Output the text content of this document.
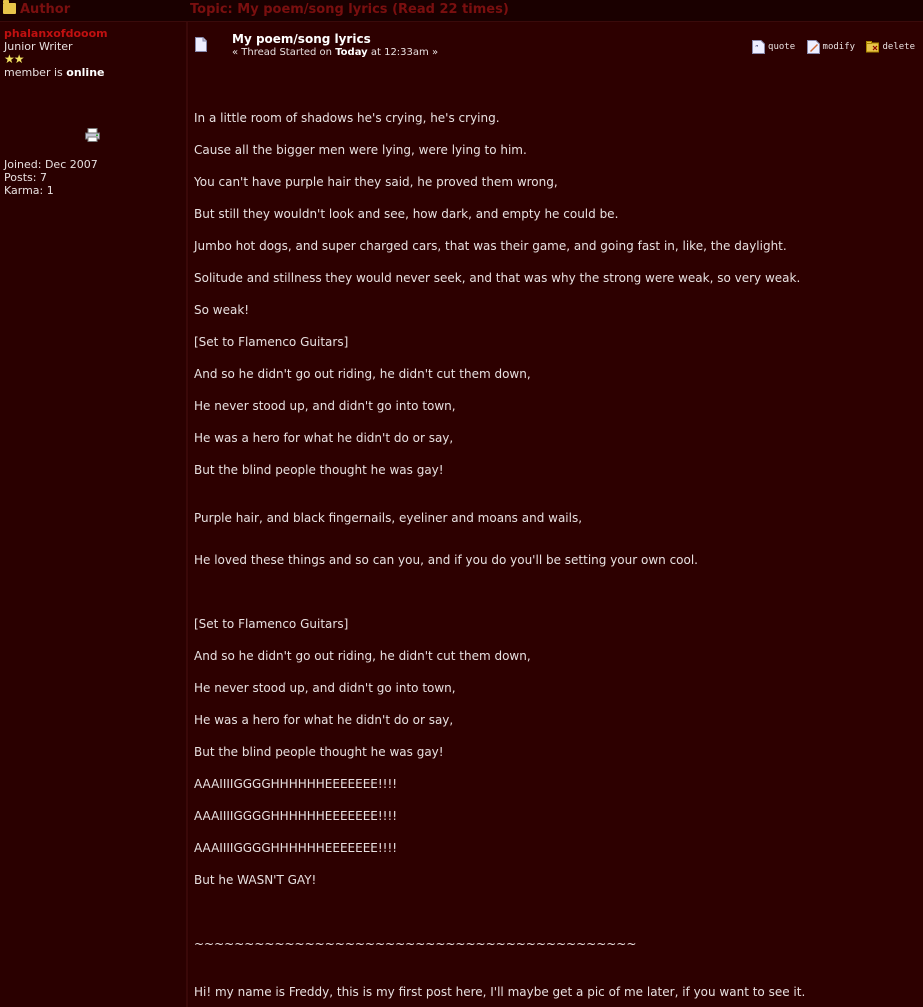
Author	Topic: My poem/song lyrics (Read 22 times)
phalanxofdooom
Junior Writer
★★
member is online
Joined: Dec 2007
Posts: 7
Karma: 1
My poem/song lyrics
« Thread Started on Today at 12:33am »	” quote
	modify
	delete
In a little room of shadows he's crying, he's crying.
Cause all the bigger men were lying, were lying to him.
You can't have purple hair they said, he proved them wrong,
But still they wouldn't look and see, how dark, and empty he could be.
Jumbo hot dogs, and super charged cars, that was their game, and going fast in, like, the daylight.
Solitude and stillness they would never seek, and that was why the strong were weak, so very weak.
So weak!
[Set to Flamenco Guitars]
And so he didn't go out riding, he didn't cut them down,
He never stood up, and didn't go into town,
He was a hero for what he didn't do or say,
But the blind people thought he was gay!
Purple hair, and black fingernails, eyeliner and moans and wails,
He loved these things and so can you, and if you do you'll be setting your own cool.
[Set to Flamenco Guitars]
And so he didn't go out riding, he didn't cut them down,
He never stood up, and didn't go into town,
He was a hero for what he didn't do or say,
But the blind people thought he was gay!
AAAIIIIGGGGHHHHHHEEEEEEE!!!!
AAAIIIIGGGGHHHHHHEEEEEEE!!!!
AAAIIIIGGGGHHHHHHEEEEEEE!!!!
But he WASN'T GAY!
~~~~~~~~~~~~~~~~~~~~~~~~~~~~~~~~~~~~~~~~~~~~
Hi! my name is Freddy, this is my first post here, I'll maybe get a pic of me later, if you want to see it.
